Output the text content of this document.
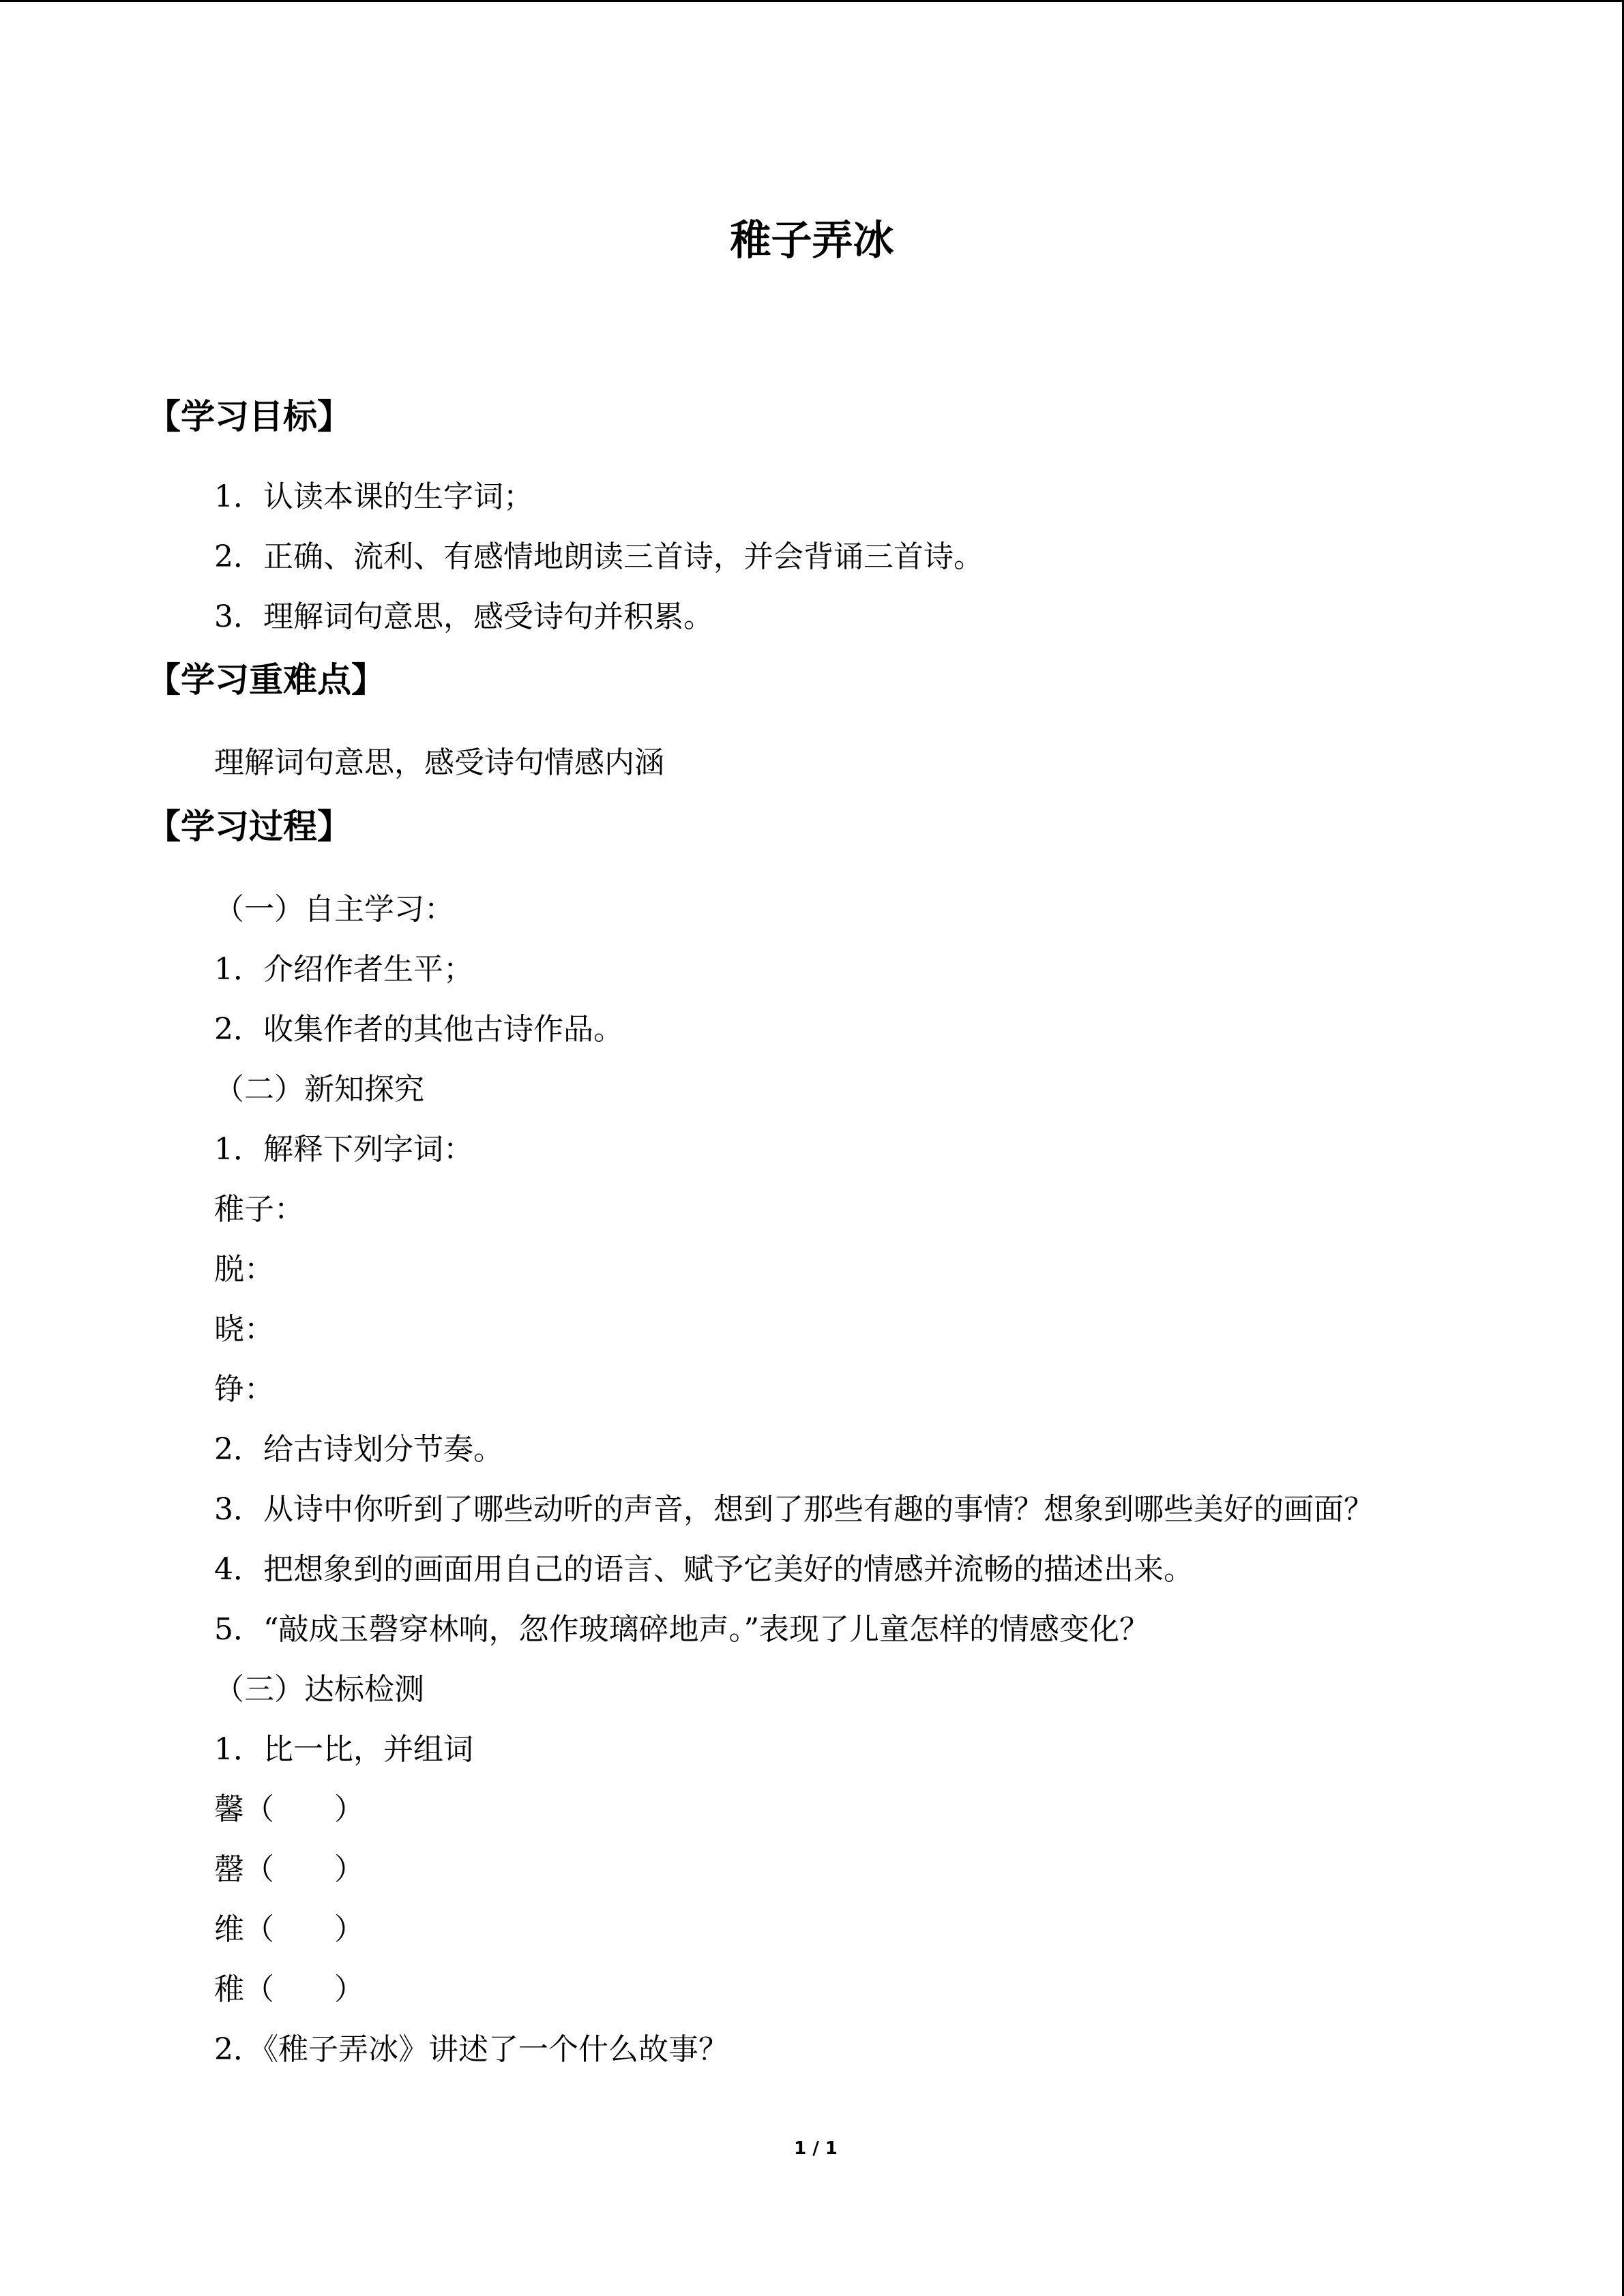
稚子弄冰
【学习目标】
1．认读本课的生字词；
2．正确、流利、有感情地朗读三首诗，并会背诵三首诗。
3．理解词句意思，感受诗句并积累。
【学习重难点】
理解词句意思，感受诗句情感内涵
【学习过程】
（一）自主学习：
1．介绍作者生平；
2．收集作者的其他古诗作品。
（二）新知探究
1．解释下列字词：
稚子：
脱：
晓：
铮：
2．给古诗划分节奏。
3．从诗中你听到了哪些动听的声音，想到了那些有趣的事情？想象到哪些美好的画面？
4．把想象到的画面用自己的语言、赋予它美好的情感并流畅的描述出来。
5．“敲成玉磬穿林响，忽作玻璃碎地声。”表现了儿童怎样的情感变化？
（三）达标检测
1．比一比，并组词
馨（　　）
罄（　　）
维（　　）
稚（　　）
2．《稚子弄冰》讲述了一个什么故事？
1 / 1
